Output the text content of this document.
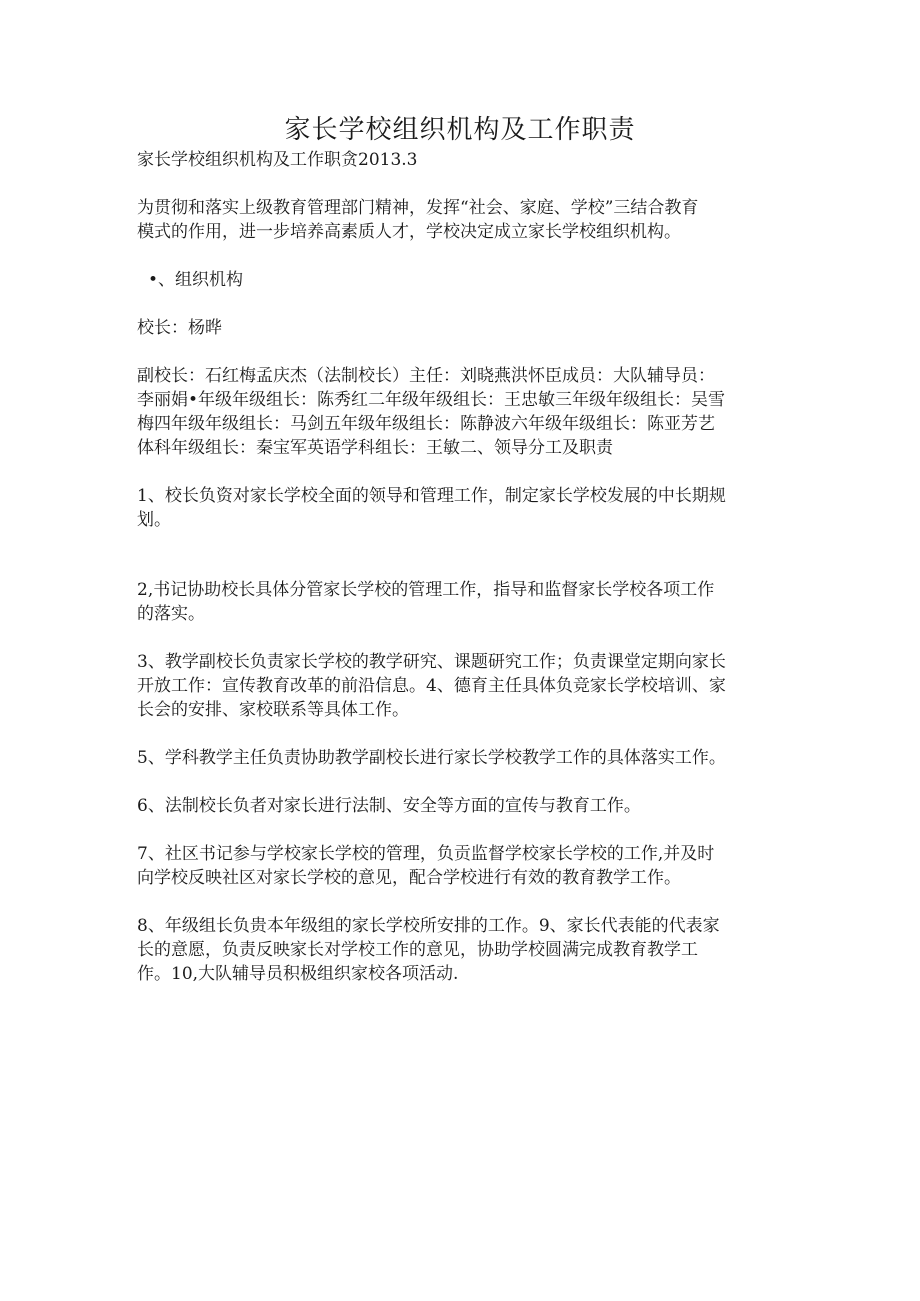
家长学校组织机构及工作职责
家长学校组织机构及工作职贪2013.3
为贯彻和落实上级教育管理部门精神，发挥“社会、家庭、学校”三结合教育
模式的作用，进一步培养高素质人才，学校决定成立家长学校组织机构。
•、组织机构
校长：杨晔
副校长：石红梅孟庆杰（法制校长）主任：刘晓燕洪怀臣成员：大队辅导员：
李丽娟•年级年级组长：陈秀红二年级年级组长：王忠敏三年级年级组长：吴雪
梅四年级年级组长：马剑五年级年级组长：陈静波六年级年级组长：陈亚芳艺
体科年级组长：秦宝军英语学科组长：王敏二、领导分工及职责
1、校长负资对家长学校全面的领导和管理工作，制定家长学校发展的中长期规
划。
2,书记协助校长具体分管家长学校的管理工作，指导和监督家长学校各项工作
的落实。
3、教学副校长负责家长学校的教学研究、课题研究工作；负责课堂定期向家长
开放工作：宣传教育改革的前沿信息。4、德育主任具体负竞家长学校培训、家
长会的安排、家校联系等具体工作。
5、学科教学主任负责协助教学副校长进行家长学校教学工作的具体落实工作。
6、法制校长负者对家长进行法制、安全等方面的宣传与教育工作。
7、社区书记参与学校家长学校的管理，负贡监督学校家长学校的工作,并及时
向学校反映社区对家长学校的意见，配合学校进行有效的教育教学工作。
8、年级组长负贵本年级组的家长学校所安排的工作。9、家长代表能的代表家
长的意愿，负责反映家长对学校工作的意见，协助学校圆满完成教育教学工
作。10,大队辅导员积极组织家校各项活动.
